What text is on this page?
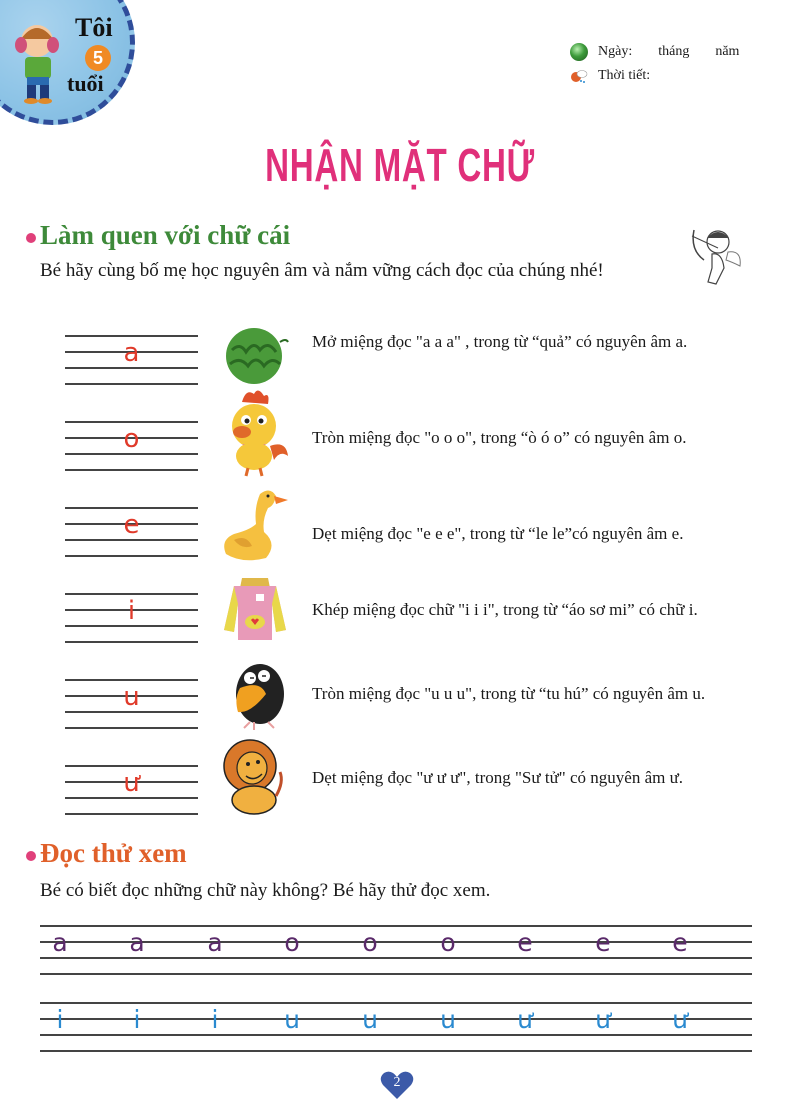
Tôi
5
tuổi
Ngày: tháng năm
Thời tiết:
NHẬN MẶT CHỮ
Làm quen với chữ cái
Bé hãy cùng bố mẹ học nguyên âm và nắm vững cách đọc của chúng nhé!
a	Mở miệng đọc "a a a" , trong từ “quả” có nguyên âm a.
o	Tròn miệng đọc "o o o", trong “ò ó o” có nguyên âm o.
e	Dẹt miệng đọc "e e e", trong từ “le le”có nguyên âm e.
i	Khép miệng đọc chữ "i i i", trong từ “áo sơ mi” có chữ i.
u	Tròn miệng đọc "u u u", trong từ “tu hú” có nguyên âm u.
ư	Dẹt miệng đọc "ư ư ư", trong "Sư tử" có nguyên âm ư.
Đọc thử xem
Bé có biết đọc những chữ này không? Bé hãy thử đọc xem.
a	a	a	o	o	o	e	e	e
i	i	i	u	u	u	ư	ư	ư
2
